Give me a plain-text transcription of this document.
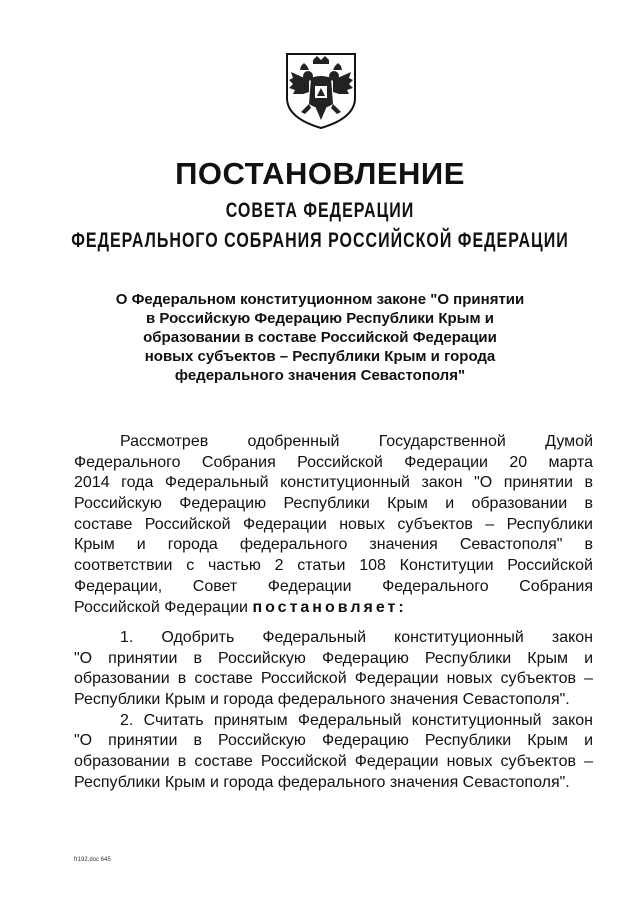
ПОСТАНОВЛЕНИЕ
СОВЕТА ФЕДЕРАЦИИ
ФЕДЕРАЛЬНОГО СОБРАНИЯ РОССИЙСКОЙ ФЕДЕРАЦИИ
О Федеральном конституционном законе "О принятии
в Российскую Федерацию Республики Крым и
образовании в составе Российской Федерации
новых субъектов – Республики Крым и города
федерального значения Севастополя"
Рассмотрев одобренный Государственной Думой
Федерального Собрания Российской Федерации 20 марта
2014 года Федеральный конституционный закон "О принятии в
Российскую Федерацию Республики Крым и образовании в
составе Российской Федерации новых субъектов – Республики
Крым и города федерального значения Севастополя" в
соответствии с частью 2 статьи 108 Конституции Российской
Федерации, Совет Федерации Федерального Собрания
Российской Федерации постановляет:
1. Одобрить Федеральный конституционный закон
"О принятии в Российскую Федерацию Республики Крым и
образовании в составе Российской Федерации новых субъектов –
Республики Крым и города федерального значения Севастополя".
2. Считать принятым Федеральный конституционный закон
"О принятии в Российскую Федерацию Республики Крым и
образовании в составе Российской Федерации новых субъектов –
Республики Крым и города федерального значения Севастополя".
fr192.doc 645
